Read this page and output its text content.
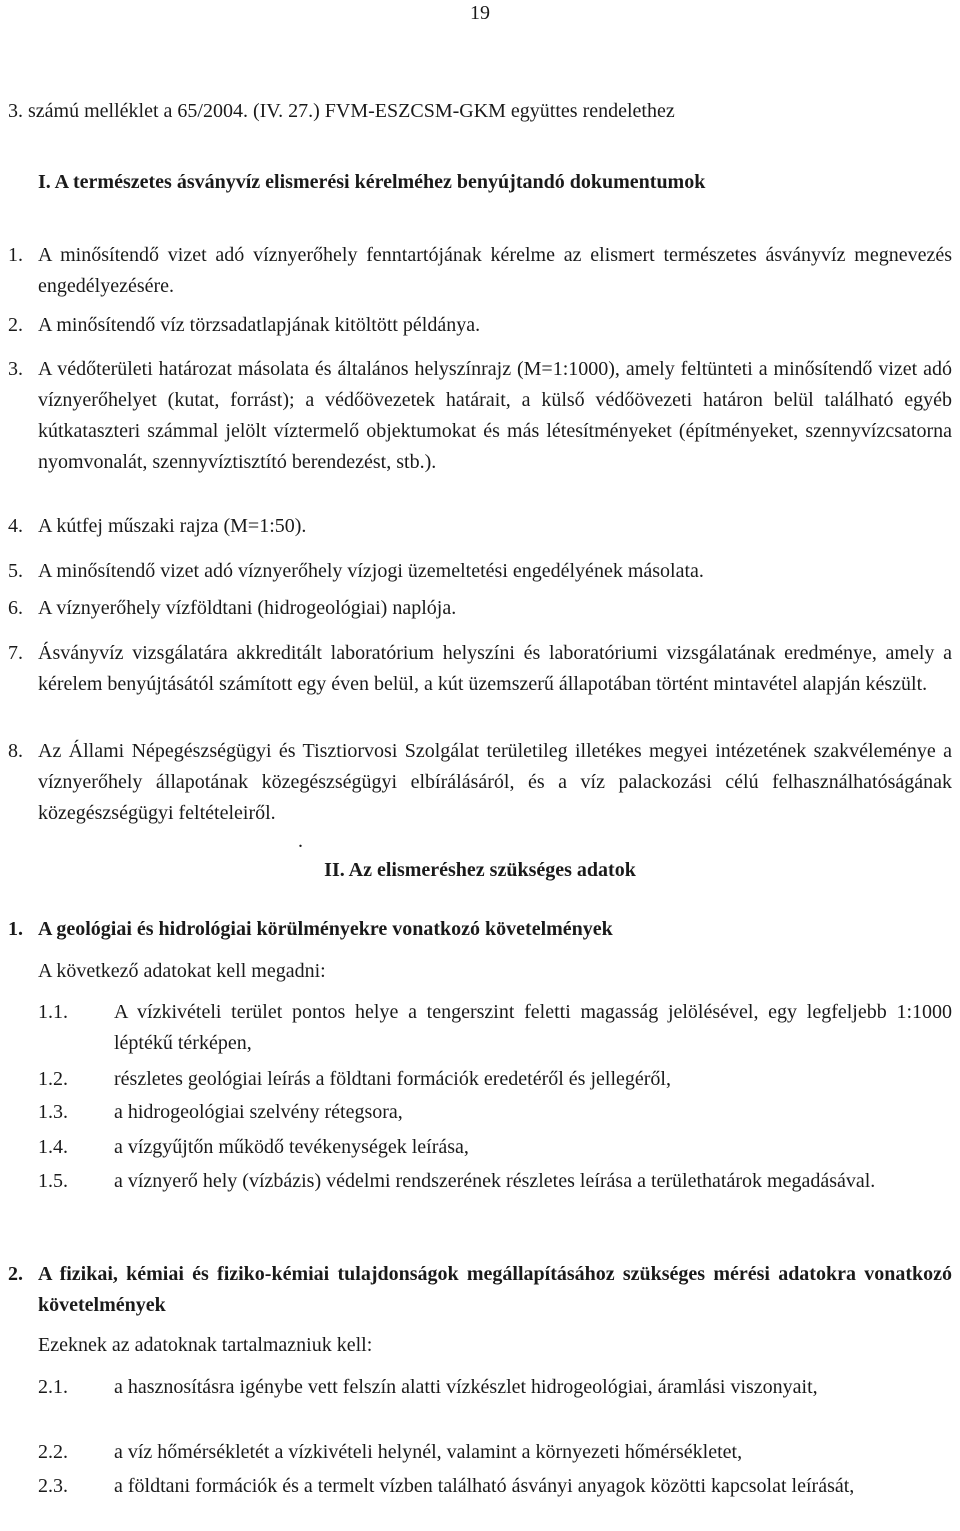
19
3. számú melléklet a 65/2004. (IV. 27.) FVM-ESZCSM-GKM együttes rendelethez
I. A természetes ásványvíz elismerési kérelméhez benyújtandó dokumentumok
1. A minősítendő vizet adó víznyerőhely fenntartójának kérelme az elismert természetes ásványvíz megnevezés engedélyezésére.
2. A minősítendő víz törzsadatlapjának kitöltött példánya.
3. A védőterületi határozat másolata és általános helyszínrajz (M=1:1000), amely feltünteti a minősítendő vizet adó víznyerőhelyet (kutat, forrást); a védőövezetek határait, a külső védőövezeti határon belül található egyéb kútkataszteri számmal jelölt víztermelő objektumokat és más létesítményeket (építményeket, szennyvízcsatorna nyomvonalát, szennyvíztisztító berendezést, stb.).
4. A kútfej műszaki rajza (M=1:50).
5. A minősítendő vizet adó víznyerőhely vízjogi üzemeltetési engedélyének másolata.
6. A víznyerőhely vízföldtani (hidrogeológiai) naplója.
7. Ásványvíz vizsgálatára akkreditált laboratórium helyszíni és laboratóriumi vizsgálatának eredménye, amely a kérelem benyújtásától számított egy éven belül, a kút üzemszerű állapotában történt mintavétel alapján készült.
8. Az Állami Népegészségügyi és Tisztiorvosi Szolgálat területileg illetékes megyei intézetének szakvéleménye a víznyerőhely állapotának közegészségügyi elbírálásáról, és a víz palackozási célú felhasználhatóságának közegészségügyi feltételeiről.
.
II. Az elismeréshez szükséges adatok
1. A geológiai és hidrológiai körülményekre vonatkozó követelmények
A következő adatokat kell megadni:
1.1.	A vízkivételi terület pontos helye a tengerszint feletti magasság jelölésével, egy legfeljebb 1:1000 léptékű térképen,
1.2.	részletes geológiai leírás a földtani formációk eredetéről és jellegéről,
1.3.	a hidrogeológiai szelvény rétegsora,
1.4.	a vízgyűjtőn működő tevékenységek leírása,
1.5.	a víznyerő hely (vízbázis) védelmi rendszerének részletes leírása a területhatárok megadásával.
2. A fizikai, kémiai és fiziko-kémiai tulajdonságok megállapításához szükséges mérési adatokra vonatkozó követelmények
Ezeknek az adatoknak tartalmazniuk kell:
2.1.	a hasznosításra igénybe vett felszín alatti vízkészlet hidrogeológiai, áramlási viszonyait,
2.2.	a víz hőmérsékletét a vízkivételi helynél, valamint a környezeti hőmérsékletet,
2.3.	a földtani formációk és a termelt vízben található ásványi anyagok közötti kapcsolat leírását,
